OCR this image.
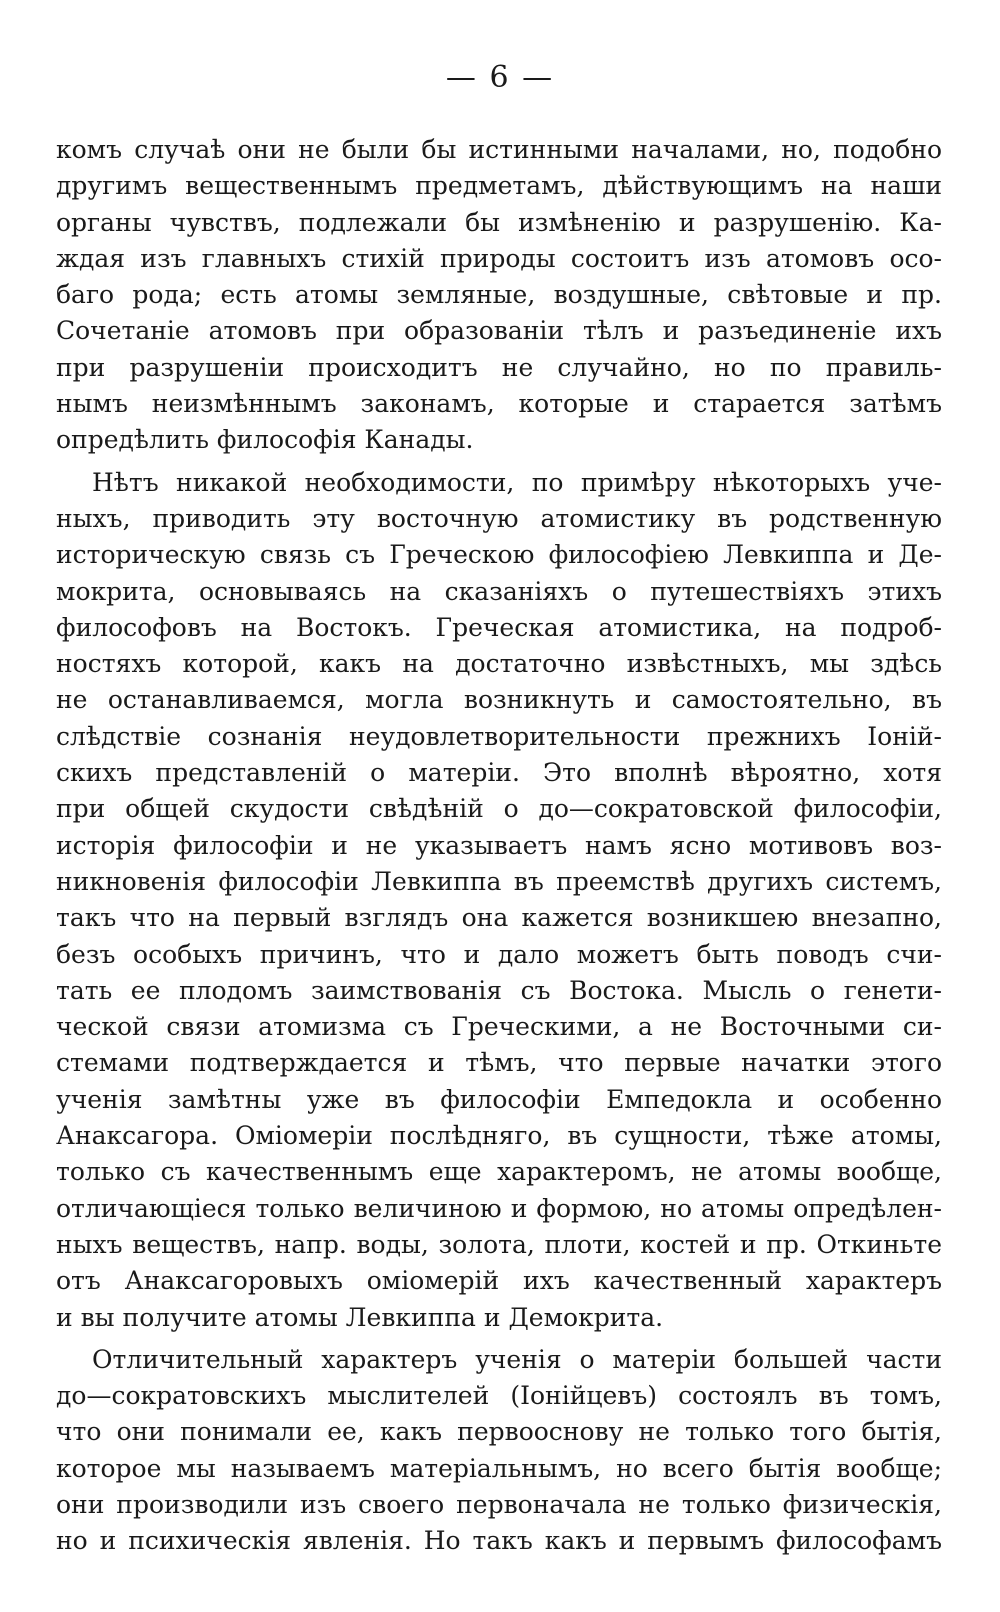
— 6 —
комъ случаѣ они не были бы истинными началами, но, подобно
другимъ вещественнымъ предметамъ, дѣйствующимъ на наши
органы чувствъ, подлежали бы измѣненію и разрушенію. Ка-
ждая изъ главныхъ стихій природы состоитъ изъ атомовъ осо-
баго рода; есть атомы земляные, воздушные, свѣтовые и пр.
Сочетаніе атомовъ при образованіи тѣлъ и разъединеніе ихъ
при разрушеніи происходитъ не случайно, но по правиль-
нымъ неизмѣннымъ законамъ, которые и старается затѣмъ
опредѣлить философія Канады.
Нѣтъ никакой необходимости, по примѣру нѣкоторыхъ уче-
ныхъ, приводить эту восточную атомистику въ родственную
историческую связь съ Греческою философіею Левкиппа и Де-
мокрита, основываясь на сказаніяхъ о путешествіяхъ этихъ
философовъ на Востокъ. Греческая атомистика, на подроб-
ностяхъ которой, какъ на достаточно извѣстныхъ, мы здѣсь
не останавливаемся, могла возникнуть и самостоятельно, въ
слѣдствіе сознанія неудовлетворительности прежнихъ Іоній-
скихъ представленій о матеріи. Это вполнѣ вѣроятно, хотя
при общей скудости свѣдѣній о до—сократовской философіи,
исторія философіи и не указываетъ намъ ясно мотивовъ воз-
никновенія философіи Левкиппа въ преемствѣ другихъ системъ,
такъ что на первый взглядъ она кажется возникшею внезапно,
безъ особыхъ причинъ, что и дало можетъ быть поводъ счи-
тать ее плодомъ заимствованія съ Востока. Мысль о генети-
ческой связи атомизма съ Греческими, а не Восточными си-
стемами подтверждается и тѣмъ, что первые начатки этого
ученія замѣтны уже въ философіи Емпедокла и особенно
Анаксагора. Оміомеріи послѣдняго, въ сущности, тѣже атомы,
только съ качественнымъ еще характеромъ, не атомы вообще,
отличающіеся только величиною и формою, но атомы опредѣлен-
ныхъ веществъ, напр. воды, золота, плоти, костей и пр. Откиньте
отъ Анаксагоровыхъ оміомерій ихъ качественный характеръ
и вы получите атомы Левкиппа и Демокрита.
Отличительный характеръ ученія о матеріи большей части
до—сократовскихъ мыслителей (Іонійцевъ) состоялъ въ томъ,
что они понимали ее, какъ первооснову не только того бытія,
которое мы называемъ матеріальнымъ, но всего бытія вообще;
они производили изъ своего первоначала не только физическія,
но и психическія явленія. Но такъ какъ и первымъ философамъ
